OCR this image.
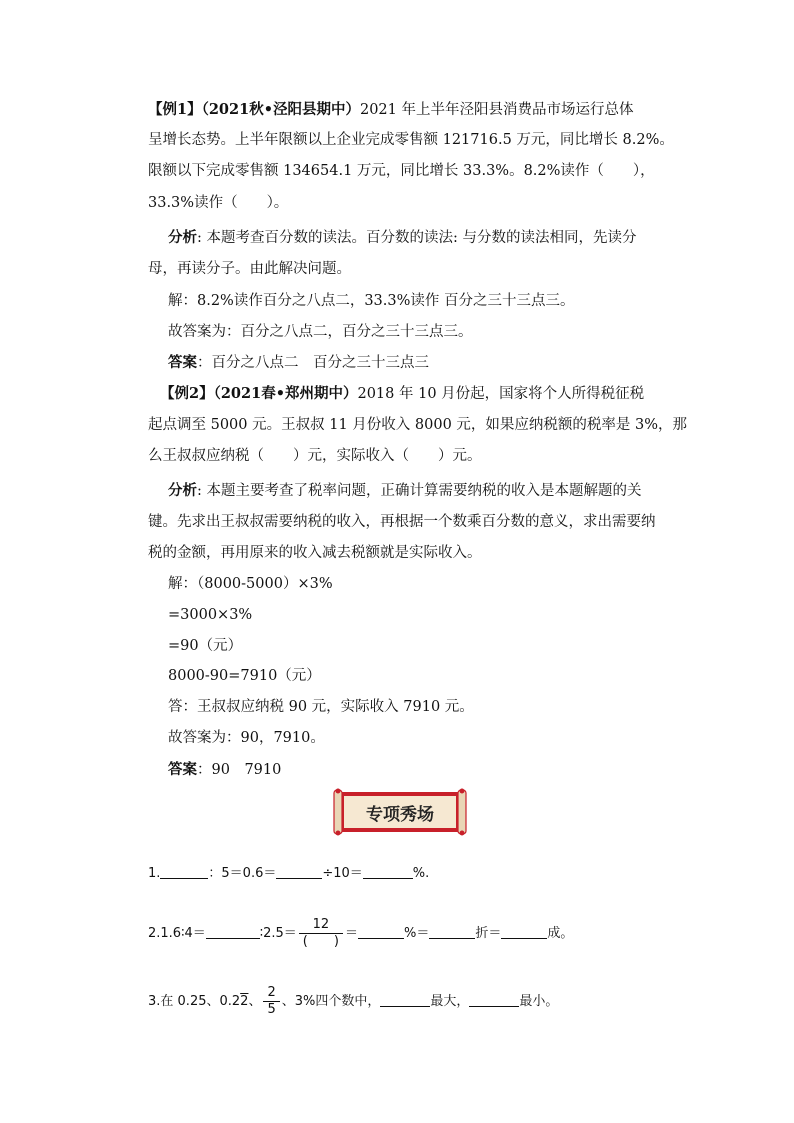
【例1】（2021秋•泾阳县期中）2021 年上半年泾阳县消费品市场运行总体
呈增长态势。上半年限额以上企业完成零售额 121716.5 万元，同比增长 8.2%。
限额以下完成零售额 134654.1 万元，同比增长 33.3%。8.2%读作（　　），
33.3%读作（　　）。
分析: 本题考查百分数的读法。百分数的读法: 与分数的读法相同，先读分
母，再读分子。由此解决问题。
解：8.2%读作百分之八点二，33.3%读作 百分之三十三点三。
故答案为：百分之八点二，百分之三十三点三。
答案：百分之八点二　百分之三十三点三
【例2】（2021春•郑州期中）2018 年 10 月份起，国家将个人所得税征税
起点调至 5000 元。王叔叔 11 月份收入 8000 元，如果应纳税额的税率是 3%，那
么王叔叔应纳税（　　）元，实际收入（　　）元。
分析: 本题主要考查了税率问题，正确计算需要纳税的收入是本题解题的关
键。先求出王叔叔需要纳税的收入，再根据一个数乘百分数的意义，求出需要纳
税的金额，再用原来的收入减去税额就是实际收入。
解：（8000-5000）×3%
=3000×3%
=90（元）
8000-90=7910（元）
答：王叔叔应纳税 90 元，实际收入 7910 元。
故答案为：90，7910。
答案：90　7910
专项秀场
1.	：5＝0.6＝	÷10＝	%.
2.1.6∶4＝	∶2.5＝ $\frac{12}{( )}$ ＝	%＝	折＝	成。
3.在 0.25、0.22、 $\frac{2}{5}$ 、3%四个数中，	最大，	最小。
